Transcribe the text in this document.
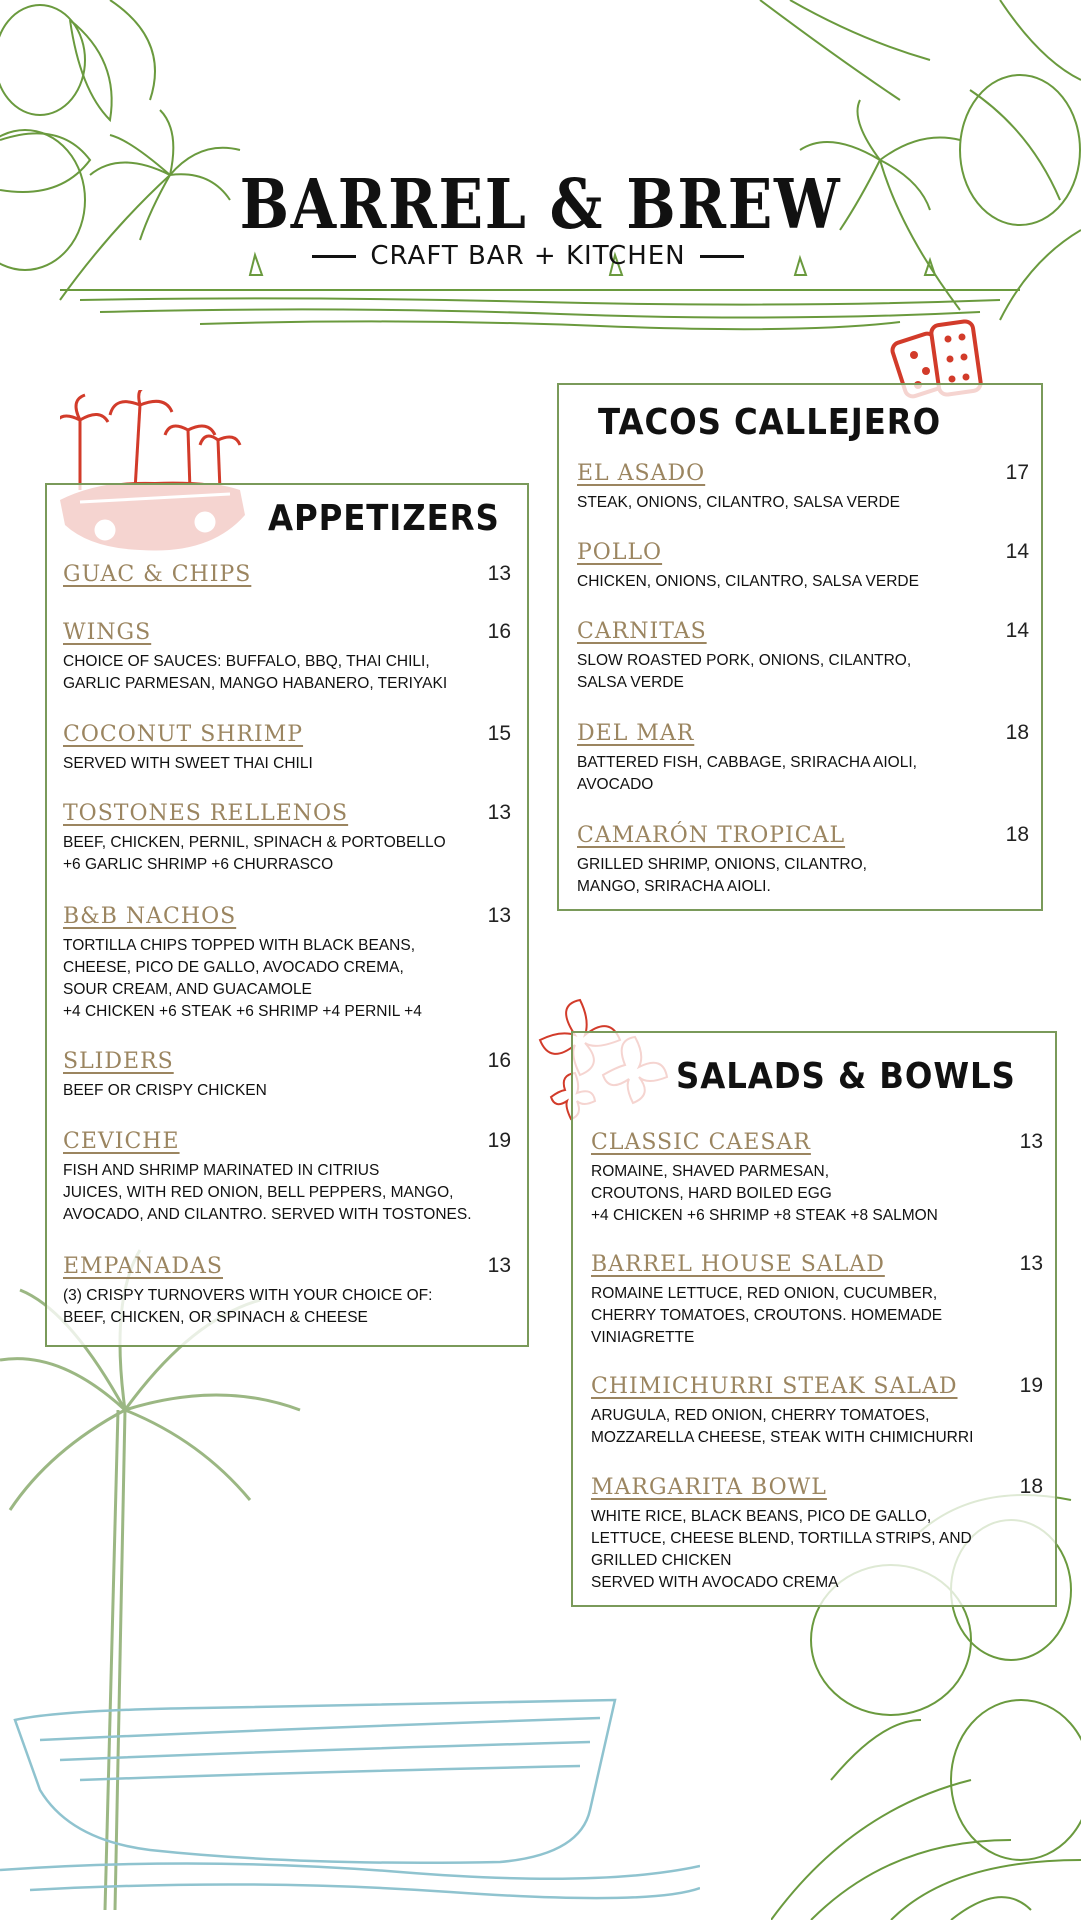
BARREL & BREW
CRAFT BAR + KITCHEN
APPETIZERS
GUAC & CHIPS	13
WINGS	16
CHOICE OF SAUCES: BUFFALO, BBQ, THAI CHILI,
GARLIC PARMESAN, MANGO HABANERO, TERIYAKI
COCONUT SHRIMP	15
SERVED WITH SWEET THAI CHILI
TOSTONES RELLENOS	13
BEEF, CHICKEN, PERNIL, SPINACH & PORTOBELLO
+6 GARLIC SHRIMP +6 CHURRASCO
B&B NACHOS	13
TORTILLA CHIPS TOPPED WITH BLACK BEANS,
CHEESE, PICO DE GALLO, AVOCADO CREMA,
SOUR CREAM, AND GUACAMOLE
+4 CHICKEN +6 STEAK +6 SHRIMP +4 PERNIL +4
SLIDERS	16
BEEF OR CRISPY CHICKEN
CEVICHE	19
FISH AND SHRIMP MARINATED IN CITRIUS
JUICES, WITH RED ONION, BELL PEPPERS, MANGO,
AVOCADO, AND CILANTRO. SERVED WITH TOSTONES.
EMPANADAS	13
(3) CRISPY TURNOVERS WITH YOUR CHOICE OF:
BEEF, CHICKEN, OR SPINACH & CHEESE
TACOS CALLEJERO
EL ASADO	17
STEAK, ONIONS, CILANTRO, SALSA VERDE
POLLO	14
CHICKEN, ONIONS, CILANTRO, SALSA VERDE
CARNITAS	14
SLOW ROASTED PORK, ONIONS, CILANTRO,
SALSA VERDE
DEL MAR	18
BATTERED FISH, CABBAGE, SRIRACHA AIOLI,
AVOCADO
CAMARÓN TROPICAL	18
GRILLED SHRIMP, ONIONS, CILANTRO,
MANGO, SRIRACHA AIOLI.
SALADS & BOWLS
CLASSIC CAESAR	13
ROMAINE, SHAVED PARMESAN,
CROUTONS, HARD BOILED EGG
+4 CHICKEN +6 SHRIMP +8 STEAK +8 SALMON
BARREL HOUSE SALAD	13
ROMAINE LETTUCE, RED ONION, CUCUMBER,
CHERRY TOMATOES, CROUTONS. HOMEMADE
VINIAGRETTE
CHIMICHURRI STEAK SALAD	19
ARUGULA, RED ONION, CHERRY TOMATOES,
MOZZARELLA CHEESE, STEAK WITH CHIMICHURRI
MARGARITA BOWL	18
WHITE RICE, BLACK BEANS, PICO DE GALLO,
LETTUCE, CHEESE BLEND, TORTILLA STRIPS, AND
GRILLED CHICKEN
SERVED WITH AVOCADO CREMA
